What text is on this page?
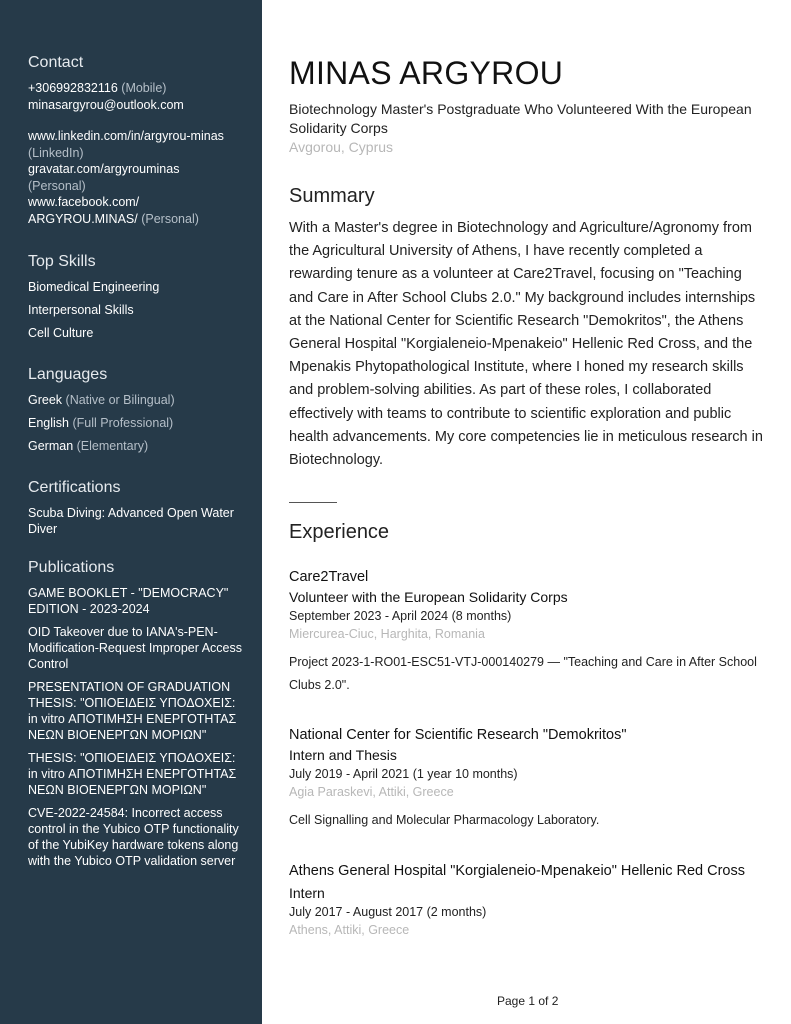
Contact
+306992832116 (Mobile)
minasargyrou@outlook.com
www.linkedin.com/in/argyrou-minas
(LinkedIn)
gravatar.com/argyrouminas
(Personal)
www.facebook.com/
ARGYROU.MINAS/ (Personal)
Top Skills
Biomedical Engineering
Interpersonal Skills
Cell Culture
Languages
Greek (Native or Bilingual)
English (Full Professional)
German (Elementary)
Certifications
Scuba Diving: Advanced Open Water Diver
Publications
GAME BOOKLET - "DEMOCRACY" EDITION - 2023-2024
OID Takeover due to IANA's-PEN-Modification-Request Improper Access Control
PRESENTATION OF GRADUATION THESIS: "ΟΠΙΟΕΙΔΕΙΣ ΥΠΟΔΟΧΕΙΣ: in vitro ΑΠΟΤΙΜΗΣΗ ΕΝΕΡΓΟΤΗΤΑΣ ΝΕΩΝ ΒΙΟΕΝΕΡΓΩΝ ΜΟΡΙΩΝ"
THESIS: "ΟΠΙΟΕΙΔΕΙΣ ΥΠΟΔΟΧΕΙΣ: in vitro ΑΠΟΤΙΜΗΣΗ ΕΝΕΡΓΟΤΗΤΑΣ ΝΕΩΝ ΒΙΟΕΝΕΡΓΩΝ ΜΟΡΙΩΝ"
CVE-2022-24584: Incorrect access control in the Yubico OTP functionality of the YubiKey hardware tokens along with the Yubico OTP validation server
MINAS ARGYROU
Biotechnology Master's Postgraduate Who Volunteered With the European Solidarity Corps
Avgorou, Cyprus
Summary
With a Master's degree in Biotechnology and Agriculture/Agronomy from the Agricultural University of Athens, I have recently completed a rewarding tenure as a volunteer at Care2Travel, focusing on "Teaching and Care in After School Clubs 2.0." My background includes internships at the National Center for Scientific Research "Demokritos", the Athens General Hospital "Korgialeneio-Mpenakeio" Hellenic Red Cross, and the Mpenakis Phytopathological Institute, where I honed my research skills and problem-solving abilities. As part of these roles, I collaborated effectively with teams to contribute to scientific exploration and public health advancements. My core competencies lie in meticulous research in Biotechnology.
Experience
Care2Travel
Volunteer with the European Solidarity Corps
September 2023 - April 2024 (8 months)
Miercurea-Ciuc, Harghita, Romania
Project 2023-1-RO01-ESC51-VTJ-000140279 — "Teaching and Care in After School Clubs 2.0".
National Center for Scientific Research "Demokritos"
Intern and Thesis
July 2019 - April 2021 (1 year 10 months)
Agia Paraskevi, Attiki, Greece
Cell Signalling and Molecular Pharmacology Laboratory.
Athens General Hospital "Korgialeneio-Mpenakeio" Hellenic Red Cross
Intern
July 2017 - August 2017 (2 months)
Athens, Attiki, Greece
Page 1 of 2
